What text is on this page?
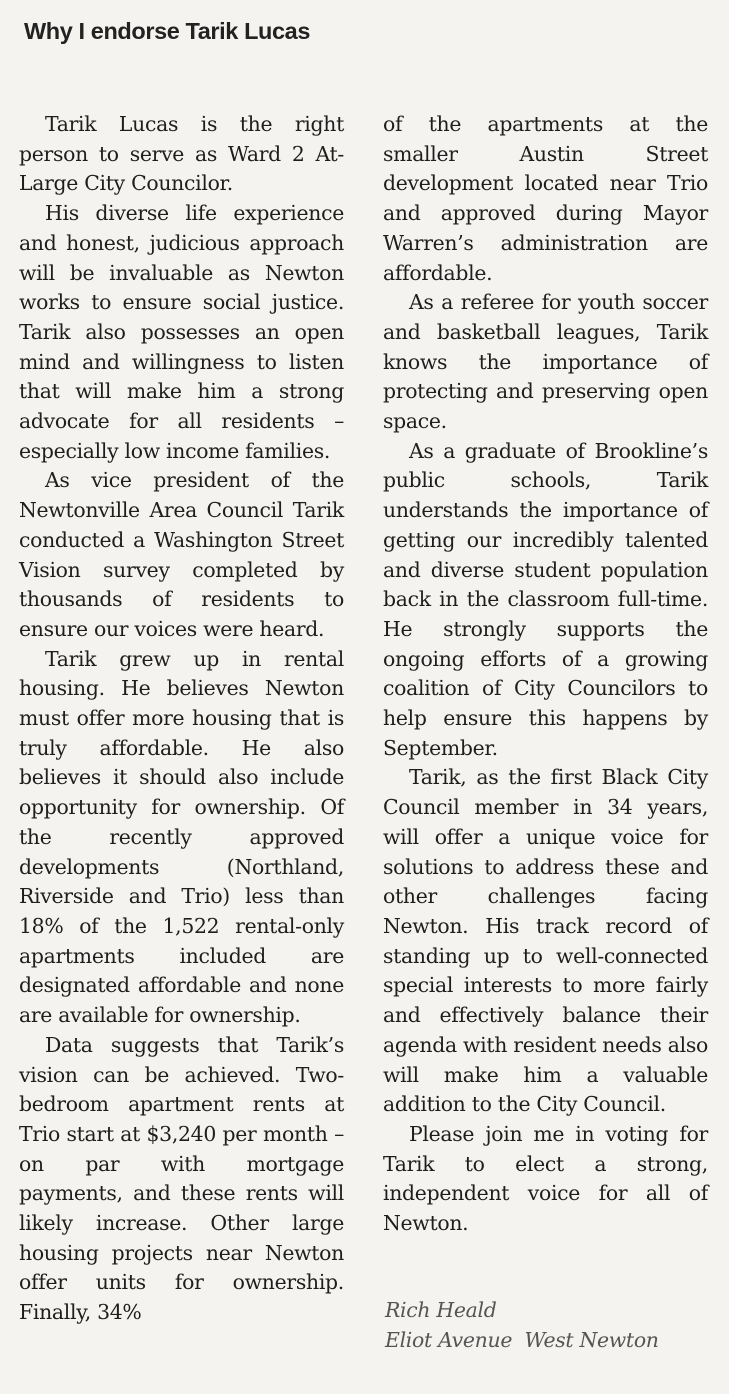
Why I endorse Tarik Lucas

Tarik Lucas is the right person to serve as Ward 2 At-Large City Councilor.

His diverse life experience and honest, judicious approach will be invaluable as Newton works to ensure social justice. Tarik also possesses an open mind and willingness to listen that will make him a strong advocate for all residents – especially low income families.

As vice president of the Newtonville Area Council Tarik conducted a Washington Street Vision survey completed by thousands of residents to ensure our voices were heard.

Tarik grew up in rental housing. He believes Newton must offer more housing that is truly affordable. He also believes it should also include opportunity for ownership. Of the recently approved developments (Northland, Riverside and Trio) less than 18% of the 1,522 rental-only apartments included are designated affordable and none are available for ownership.

Data suggests that Tarik’s vision can be achieved. Two-bedroom apartment rents at Trio start at $3,240 per month – on par with mortgage payments, and these rents will likely increase. Other large housing projects near Newton offer units for ownership. Finally, 34%

of the apartments at the smaller Austin Street development located near Trio and approved during Mayor Warren’s administration are affordable.

As a referee for youth soccer and basketball leagues, Tarik knows the importance of protecting and preserving open space.

As a graduate of Brookline’s public schools, Tarik understands the importance of getting our incredibly talented and diverse student population back in the classroom full-time. He strongly supports the ongoing efforts of a growing coalition of City Councilors to help ensure this happens by September.

Tarik, as the first Black City Council member in 34 years, will offer a unique voice for solutions to address these and other challenges facing Newton. His track record of standing up to well-connected special interests to more fairly and effectively balance their agenda with resident needs also will make him a valuable addition to the City Council.

Please join me in voting for Tarik to elect a strong, independent voice for all of Newton.

Rich Heald
Eliot Avenue  West Newton
